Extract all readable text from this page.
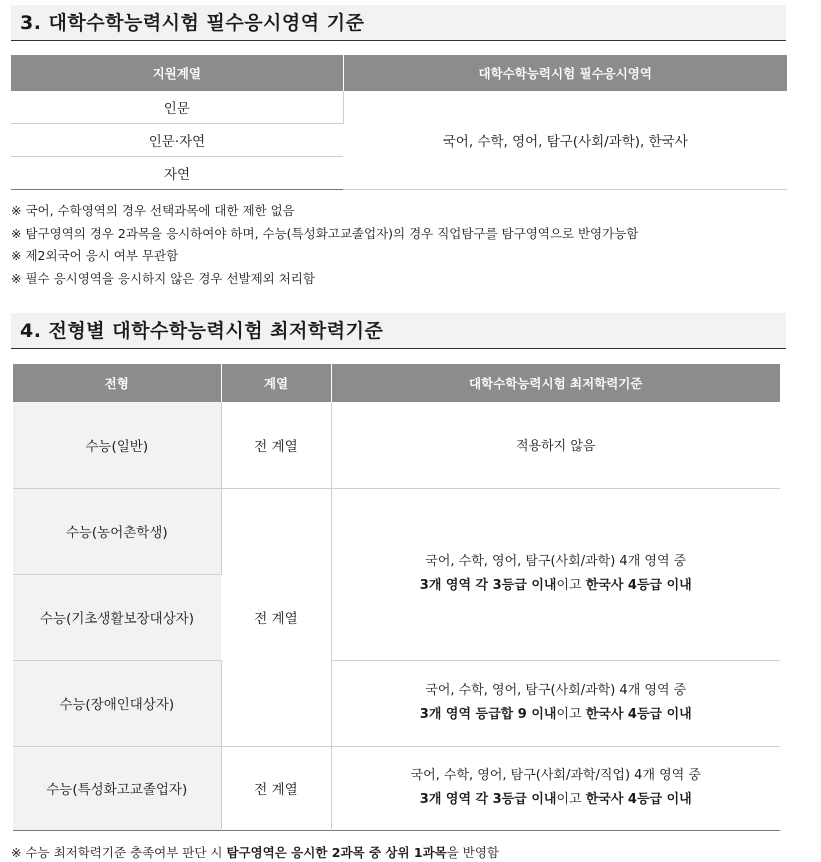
3. 대학수학능력시험 필수응시영역 기준
지원계열	대학수학능력시험 필수응시영역
인문	국어, 수학, 영어, 탐구(사회/과학), 한국사
인문·자연	
자연	
※ 국어, 수학영역의 경우 선택과목에 대한 제한 없음
※ 탐구영역의 경우 2과목을 응시하여야 하며, 수능(특성화고교졸업자)의 경우 직업탐구를 탐구영역으로 반영가능함
※ 제2외국어 응시 여부 무관함
※ 필수 응시영역을 응시하지 않은 경우 선발제외 처리함
4. 전형별 대학수학능력시험 최저학력기준
전형	계열	대학수학능력시험 최저학력기준
수능(일반)	전 계열	적용하지 않음
수능(농어촌학생)	전 계열	국어, 수학, 영어, 탐구(사회/과학) 4개 영역 중
3개 영역 각 3등급 이내이고 한국사 4등급 이내

수능(기초생활보장대상자)		
수능(장애인대상자)		국어, 수학, 영어, 탐구(사회/과학) 4개 영역 중
3개 영역 등급합 9 이내이고 한국사 4등급 이내

수능(특성화고교졸업자)	전 계열	국어, 수학, 영어, 탐구(사회/과학/직업) 4개 영역 중
3개 영역 각 3등급 이내이고 한국사 4등급 이내
※ 수능 최저학력기준 충족여부 판단 시 탐구영역은 응시한 2과목 중 상위 1과목을 반영함
